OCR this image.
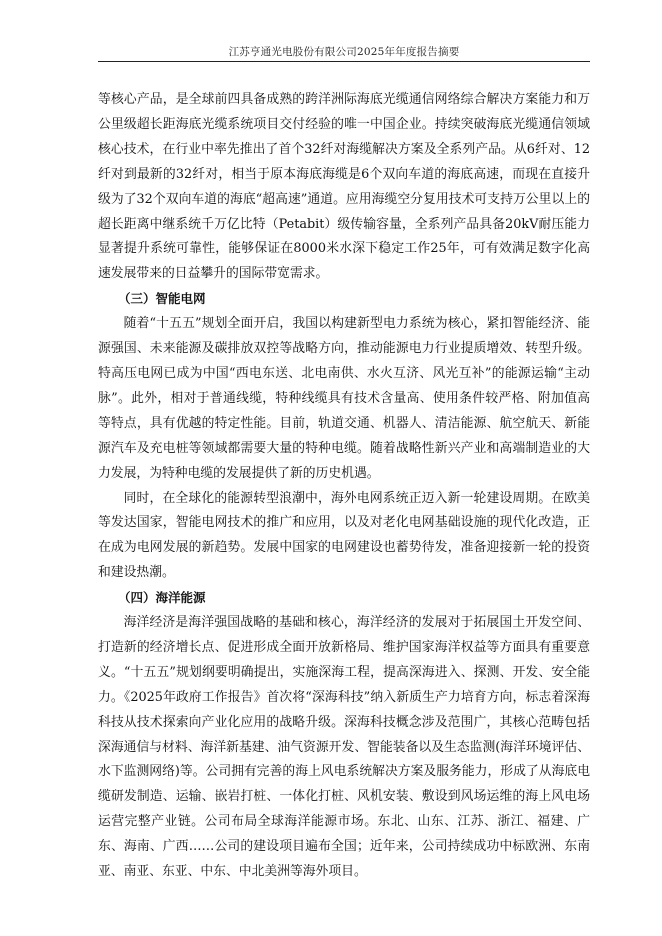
江苏亨通光电股份有限公司2025年年度报告摘要

等核心产品，是全球前四具备成熟的跨洋洲际海底光缆通信网络综合解决方案能力和万公里级超长距海底光缆系统项目交付经验的唯一中国企业。持续突破海底光缆通信领域核心技术，在行业中率先推出了首个32纤对海缆解决方案及全系列产品。从6纤对、12纤对到最新的32纤对，相当于原本海底海缆是6个双向车道的海底高速，而现在直接升级为了32个双向车道的海底“超高速”通道。应用海缆空分复用技术可支持万公里以上的超长距离中继系统千万亿比特（Petabit）级传输容量，全系列产品具备20kV耐压能力显著提升系统可靠性，能够保证在8000米水深下稳定工作25年，可有效满足数字化高速发展带来的日益攀升的国际带宽需求。

（三）智能电网

随着“十五五”规划全面开启，我国以构建新型电力系统为核心，紧扣智能经济、能源强国、未来能源及碳排放双控等战略方向，推动能源电力行业提质增效、转型升级。特高压电网已成为中国“西电东送、北电南供、水火互济、风光互补”的能源运输“主动脉”。此外，相对于普通线缆，特种线缆具有技术含量高、使用条件较严格、附加值高等特点，具有优越的特定性能。目前，轨道交通、机器人、清洁能源、航空航天、新能源汽车及充电桩等领域都需要大量的特种电缆。随着战略性新兴产业和高端制造业的大力发展，为特种电缆的发展提供了新的历史机遇。

同时，在全球化的能源转型浪潮中，海外电网系统正迈入新一轮建设周期。在欧美等发达国家，智能电网技术的推广和应用，以及对老化电网基础设施的现代化改造，正在成为电网发展的新趋势。发展中国家的电网建设也蓄势待发，准备迎接新一轮的投资和建设热潮。

（四）海洋能源

海洋经济是海洋强国战略的基础和核心，海洋经济的发展对于拓展国土开发空间、打造新的经济增长点、促进形成全面开放新格局、维护国家海洋权益等方面具有重要意义。“十五五”规划纲要明确提出，实施深海工程，提高深海进入、探测、开发、安全能力。《2025年政府工作报告》首次将“深海科技”纳入新质生产力培育方向，标志着深海科技从技术探索向产业化应用的战略升级。深海科技概念涉及范围广，其核心范畴包括深海通信与材料、海洋新基建、油气资源开发、智能装备以及生态监测(海洋环境评估、水下监测网络)等。公司拥有完善的海上风电系统解决方案及服务能力，形成了从海底电缆研发制造、运输、嵌岩打桩、一体化打桩、风机安装、敷设到风场运维的海上风电场运营完整产业链。公司布局全球海洋能源市场。东北、山东、江苏、浙江、福建、广东、海南、广西……公司的建设项目遍布全国；近年来，公司持续成功中标欧洲、东南亚、南亚、东亚、中东、中北美洲等海外项目。
